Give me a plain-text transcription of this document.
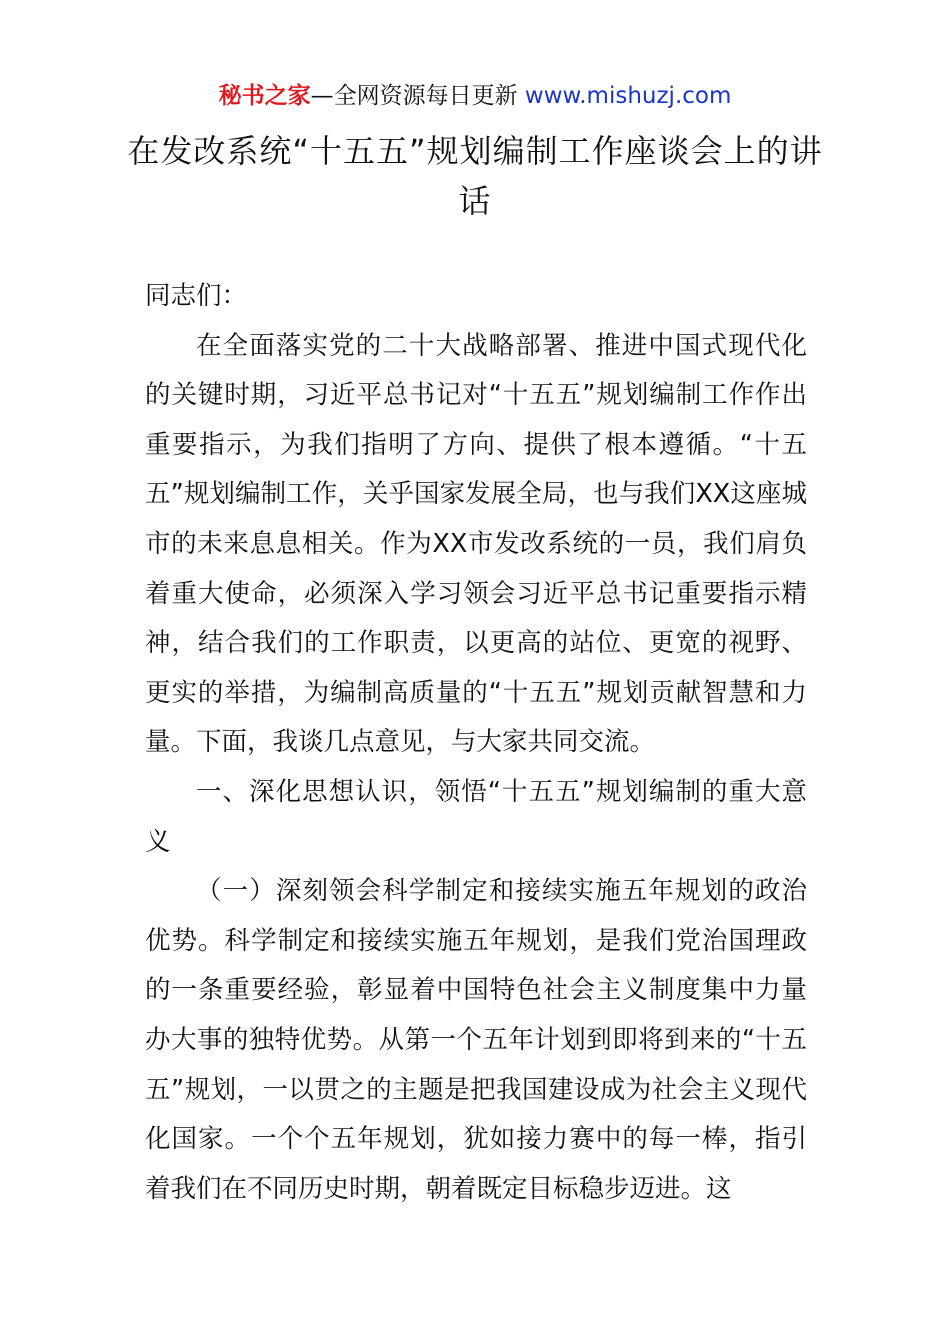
秘书之家—全网资源每日更新 www.mishuzj.com
在发改系统“十五五”规划编制工作座谈会上的讲话

同志们：

在全面落实党的二十大战略部署、推进中国式现代化的关键时期，习近平总书记对“十五五”规划编制工作作出重要指示，为我们指明了方向、提供了根本遵循。“十五五”规划编制工作，关乎国家发展全局，也与我们XX这座城市的未来息息相关。作为XX市发改系统的一员，我们肩负着重大使命，必须深入学习领会习近平总书记重要指示精神，结合我们的工作职责，以更高的站位、更宽的视野、更实的举措，为编制高质量的“十五五”规划贡献智慧和力量。下面，我谈几点意见，与大家共同交流。

一、深化思想认识，领悟“十五五”规划编制的重大意义

（一）深刻领会科学制定和接续实施五年规划的政治优势。科学制定和接续实施五年规划，是我们党治国理政的一条重要经验，彰显着中国特色社会主义制度集中力量办大事的独特优势。从第一个五年计划到即将到来的“十五五”规划，一以贯之的主题是把我国建设成为社会主义现代化国家。一个个五年规划，犹如接力赛中的每一棒，指引着我们在不同历史时期，朝着既定目标稳步迈进。这
